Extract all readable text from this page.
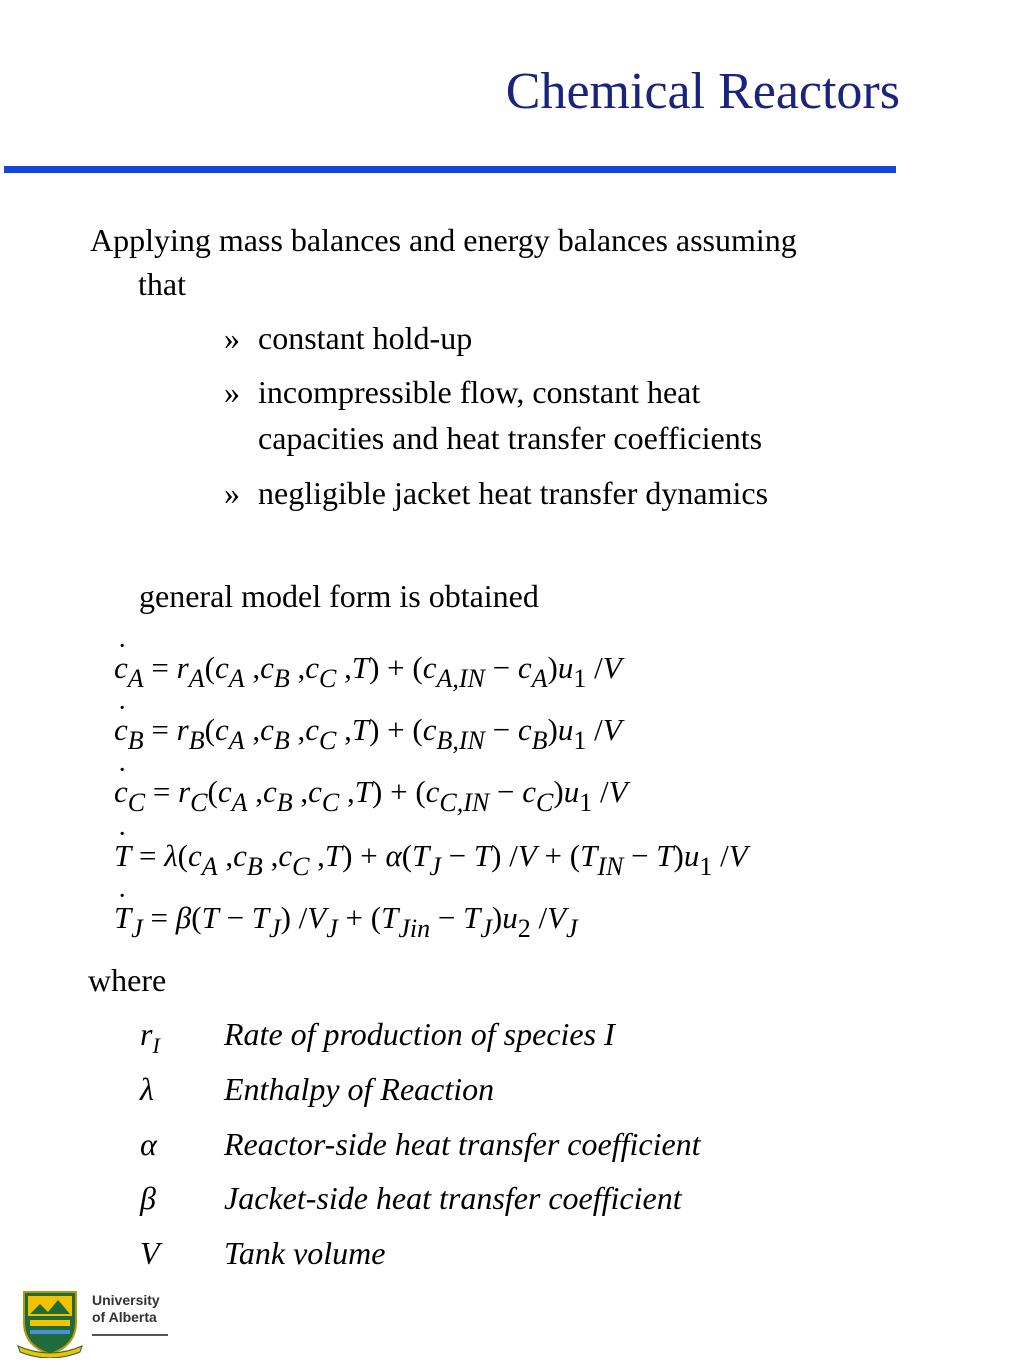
Chemical Reactors
Applying mass balances and energy balances assuming
that
» constant hold-up
» incompressible flow, constant heat
capacities and heat transfer coefficients
» negligible jacket heat transfer dynamics
general model form is obtained
˙ $c_A = r_A(c_A$ $,c_B$ $,c_C$ $,T) + (c_{A,IN} - c_A)u_1$ /V
˙ $c_B = r_B(c_A$ $,c_B$ $,c_C$ $,T) + (c_{B,IN} - c_B)u_1$ /V
˙ $c_C = r_C(c_A$ $,c_B$ $,c_C$ $,T) + (c_{C,IN} - c_C)u_1$ /V
˙ $T = \lambda(c_A$ $,c_B$ $,c_C$ $,T) + \alpha(T_J - T) /V + (T_{IN} - T)u_1$ /V
˙ $T_J = \beta(T - T_J) /V_J + (T_{Jin} - T_J)u_2$ $/V_J$
where
$r_I$ Rate of production of species I
λ Enthalpy of Reaction
α Reactor-side heat transfer coefficient
β Jacket-side heat transfer coefficient
V Tank volume
University
of Alberta
